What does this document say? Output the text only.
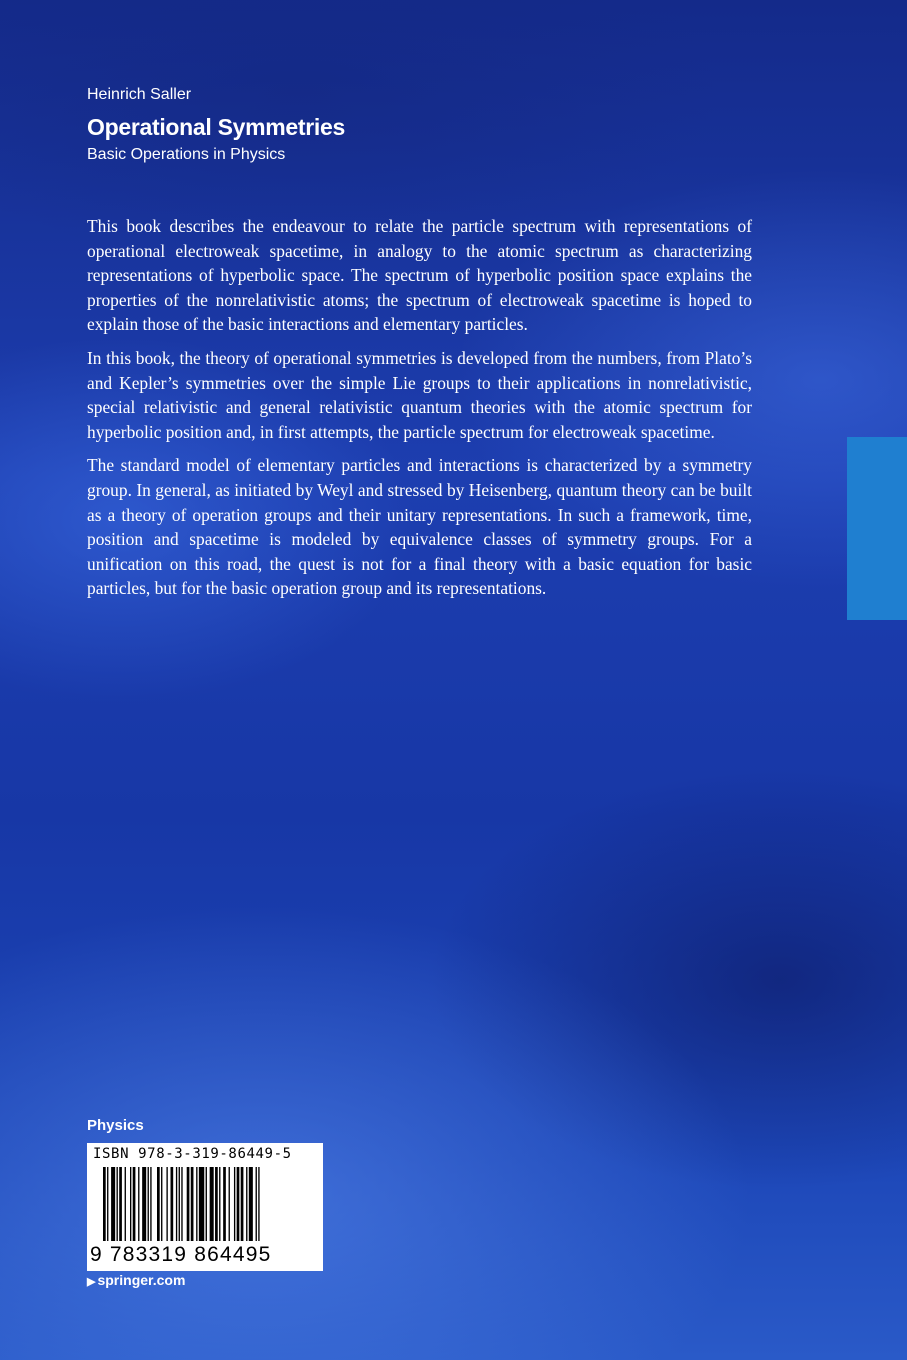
Heinrich Saller
Operational Symmetries
Basic Operations in Physics

This book describes the endeavour to relate the particle spectrum with representations of operational electroweak spacetime, in analogy to the atomic spectrum as characterizing representations of hyperbolic space. The spectrum of hyperbolic position space explains the properties of the nonrelativistic atoms; the spectrum of electroweak spacetime is hoped to explain those of the basic interactions and elementary particles.

In this book, the theory of operational symmetries is developed from the numbers, from Plato’s and Kepler’s symmetries over the simple Lie groups to their applications in nonrelativistic, special relativistic and general relativistic quantum theories with the atomic spectrum for hyperbolic position and, in first attempts, the particle spectrum for electroweak spacetime.

The standard model of elementary particles and interactions is characterized by a symmetry group. In general, as initiated by Weyl and stressed by Heisenberg, quantum theory can be built as a theory of operation groups and their unitary representations. In such a framework, time, position and spacetime is modeled by equivalence classes of symmetry groups. For a unification on this road, the quest is not for a final theory with a basic equation for basic particles, but for the basic operation group and its representations.

Physics
ISBN 978-3-319-86449-5
9 783319 864495
▶ springer.com
